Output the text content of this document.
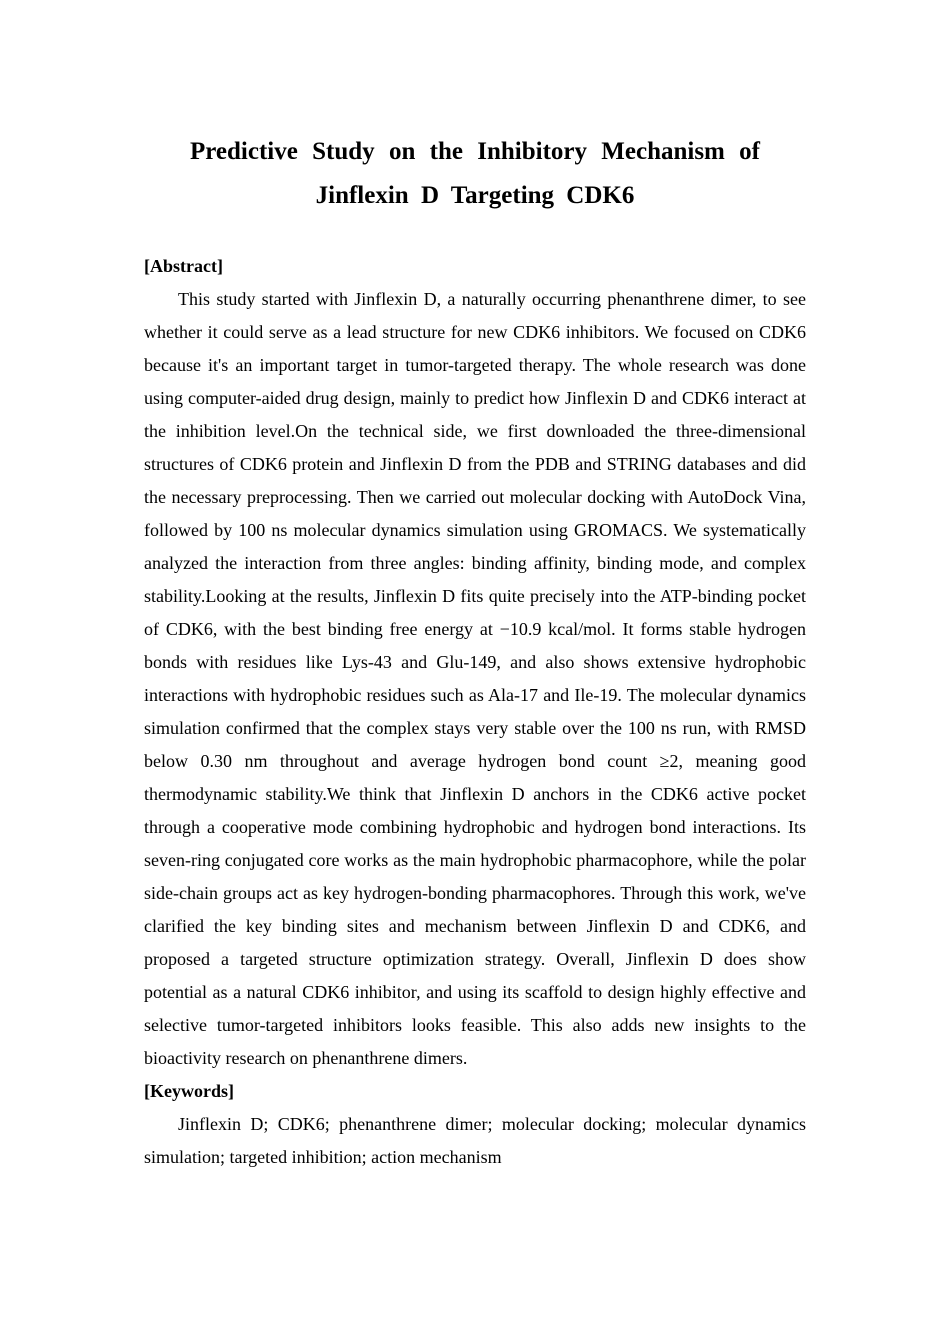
Predictive Study on the Inhibitory Mechanism of
Jinflexin D Targeting CDK6

[Abstract]

This study started with Jinflexin D, a naturally occurring phenanthrene dimer, to see whether it could serve as a lead structure for new CDK6 inhibitors. We focused on CDK6 because it's an important target in tumor-targeted therapy. The whole research was done using computer-aided drug design, mainly to predict how Jinflexin D and CDK6 interact at the inhibition level.On the technical side, we first downloaded the three-dimensional structures of CDK6 protein and Jinflexin D from the PDB and STRING databases and did the necessary preprocessing. Then we carried out molecular docking with AutoDock Vina, followed by 100 ns molecular dynamics simulation using GROMACS. We systematically analyzed the interaction from three angles: binding affinity, binding mode, and complex stability.Looking at the results, Jinflexin D fits quite precisely into the ATP-binding pocket of CDK6, with the best binding free energy at −10.9 kcal/mol. It forms stable hydrogen bonds with residues like Lys-43 and Glu-149, and also shows extensive hydrophobic interactions with hydrophobic residues such as Ala-17 and Ile-19. The molecular dynamics simulation confirmed that the complex stays very stable over the 100 ns run, with RMSD below 0.30 nm throughout and average hydrogen bond count ≥2, meaning good thermodynamic stability.We think that Jinflexin D anchors in the CDK6 active pocket through a cooperative mode combining hydrophobic and hydrogen bond interactions. Its seven-ring conjugated core works as the main hydrophobic pharmacophore, while the polar side-chain groups act as key hydrogen-bonding pharmacophores. Through this work, we've clarified the key binding sites and mechanism between Jinflexin D and CDK6, and proposed a targeted structure optimization strategy. Overall, Jinflexin D does show potential as a natural CDK6 inhibitor, and using its scaffold to design highly effective and selective tumor-targeted inhibitors looks feasible. This also adds new insights to the bioactivity research on phenanthrene dimers.

[Keywords]

Jinflexin D; CDK6; phenanthrene dimer; molecular docking; molecular dynamics simulation; targeted inhibition; action mechanism
